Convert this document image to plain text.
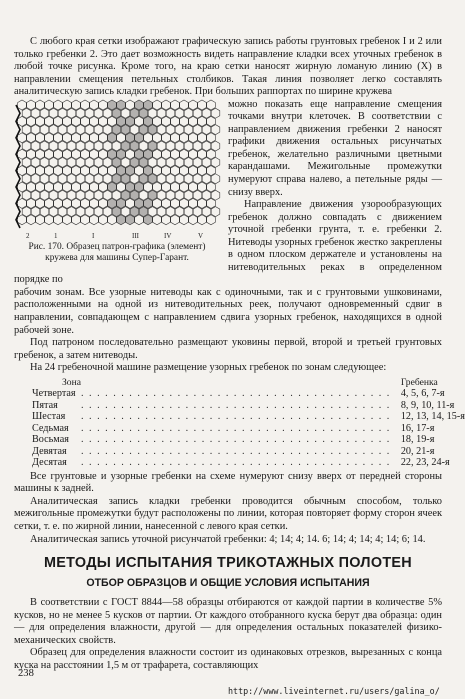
С любого края сетки изображают графическую запись работы грунтовых гребенок I и 2 или только гребенки 2. Это дает возможность видеть направление кладки всех уточных гребенок в любой точке рисунка. Кроме того, на краю сетки наносят жирную ломаную линию (X) в направлении смещения петельных столбиков. Такая линия позволяет легко составлять аналитическую запись кладки гребенок. При больших раппортах по ширине кружева

2	1	I	III	IV	V
Рис. 170. Образец патрон-графика (элемент) кружева для машины Супер-Гарант.

можно показать еще направление смещения точками внутри клеточек. В соответствии с направлением движения гребенки 2 наносят графики движения остальных рисунчатых гребенок, желательно различными цветными карандашами. Межигольные промежутки нумеруют справа налево, а петельные ряды — снизу вверх.

Направление движения узорообразующих гребенок должно совпадать с движением уточной гребенки грунта, т. е. гребенки 2. Нитеводы узорных гребенок жестко закреплены в одном плоском держателе и установлены на нитеводительных реках в определенном порядке по

рабочим зонам. Все узорные нитеводы как с одиночными, так и с грунтовыми ушковинами, расположенными на одной из нитеводительных реек, получают одновременный сдвиг в направлении, совпадающем с направлением сдвига узорных гребенок, находящихся в одной рабочей зоне.

Под патроном последовательно размещают уковины первой, второй и третьей грунтовых гребенок, а затем нитеводы.

На 24 гребеночной машине размещение узорных гребенок по зонам следующее:

Зона		Гребенка
Четвертая	.......................................	4, 5, 6, 7-я
Пятая	.......................................	8, 9, 10, 11-я
Шестая	.......................................	12, 13, 14, 15-я
Седьмая	.......................................	16, 17-я
Восьмая	.......................................	18, 19-я
Девятая	.......................................	20, 21-я
Десятая	.......................................	22, 23, 24-я

Все грунтовые и узорные гребенки на схеме нумеруют снизу вверх от передней стороны машины к задней.

Аналитическая запись кладки гребенки проводится обычным способом, только межигольные промежутки будут расположены по линии, которая повторяет форму сторон ячеек сетки, т. е. по жирной линии, нанесенной с левого края сетки.

Аналитическая запись уточной рисунчатой гребенки: 4; 14; 4; 14. 6; 14; 4; 14; 4; 14; 6; 14.

МЕТОДЫ ИСПЫТАНИЯ ТРИКОТАЖНЫХ ПОЛОТЕН
ОТБОР ОБРАЗЦОВ И ОБЩИЕ УСЛОВИЯ ИСПЫТАНИЯ

В соответствии с ГОСТ 8844—58 образцы отбираются от каждой партии в количестве 5% кусков, но не менее 5 кусков от партии. От каждого отобранного куска берут два образца: один — для определения влажности, другой — для определения остальных показателей физико-механических свойств.

Образец для определения влажности состоит из одинаковых отрезков, вырезанных с конца куска на расстоянии 1,5 м от трафарета, составляющих

238
http://www.liveinternet.ru/users/galina_o/
